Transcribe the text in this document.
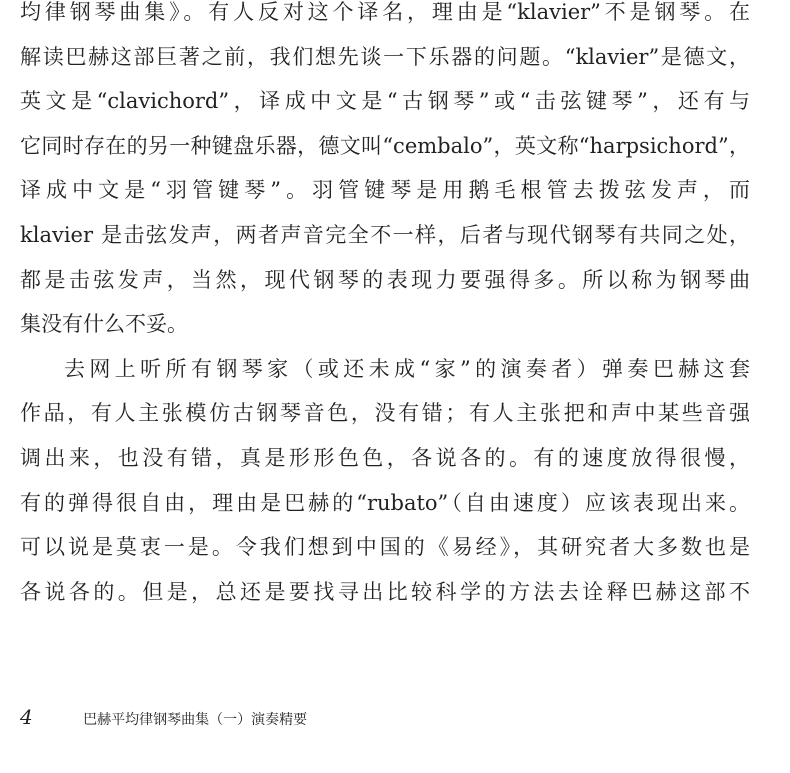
均律钢琴曲集》。有人反对这个译名，理由是“klavier”不是钢琴。在
解读巴赫这部巨著之前，我们想先谈一下乐器的问题。“klavier”是德文，
英文是“clavichord”，译成中文是“古钢琴”或“击弦键琴”，还有与
它同时存在的另一种键盘乐器，德文叫“cembalo”，英文称“harpsichord”，
译成中文是“羽管键琴”。羽管键琴是用鹅毛根管去拨弦发声，而
klavier 是击弦发声，两者声音完全不一样，后者与现代钢琴有共同之处，
都是击弦发声，当然，现代钢琴的表现力要强得多。所以称为钢琴曲
集没有什么不妥。
去网上听所有钢琴家（或还未成“家”的演奏者）弹奏巴赫这套
作品，有人主张模仿古钢琴音色，没有错；有人主张把和声中某些音强
调出来，也没有错，真是形形色色，各说各的。有的速度放得很慢，
有的弹得很自由，理由是巴赫的“rubato”（自由速度）应该表现出来。
可以说是莫衷一是。令我们想到中国的《易经》，其研究者大多数也是
各说各的。但是，总还是要找寻出比较科学的方法去诠释巴赫这部不
4	巴赫平均律钢琴曲集（一）演奏精要
